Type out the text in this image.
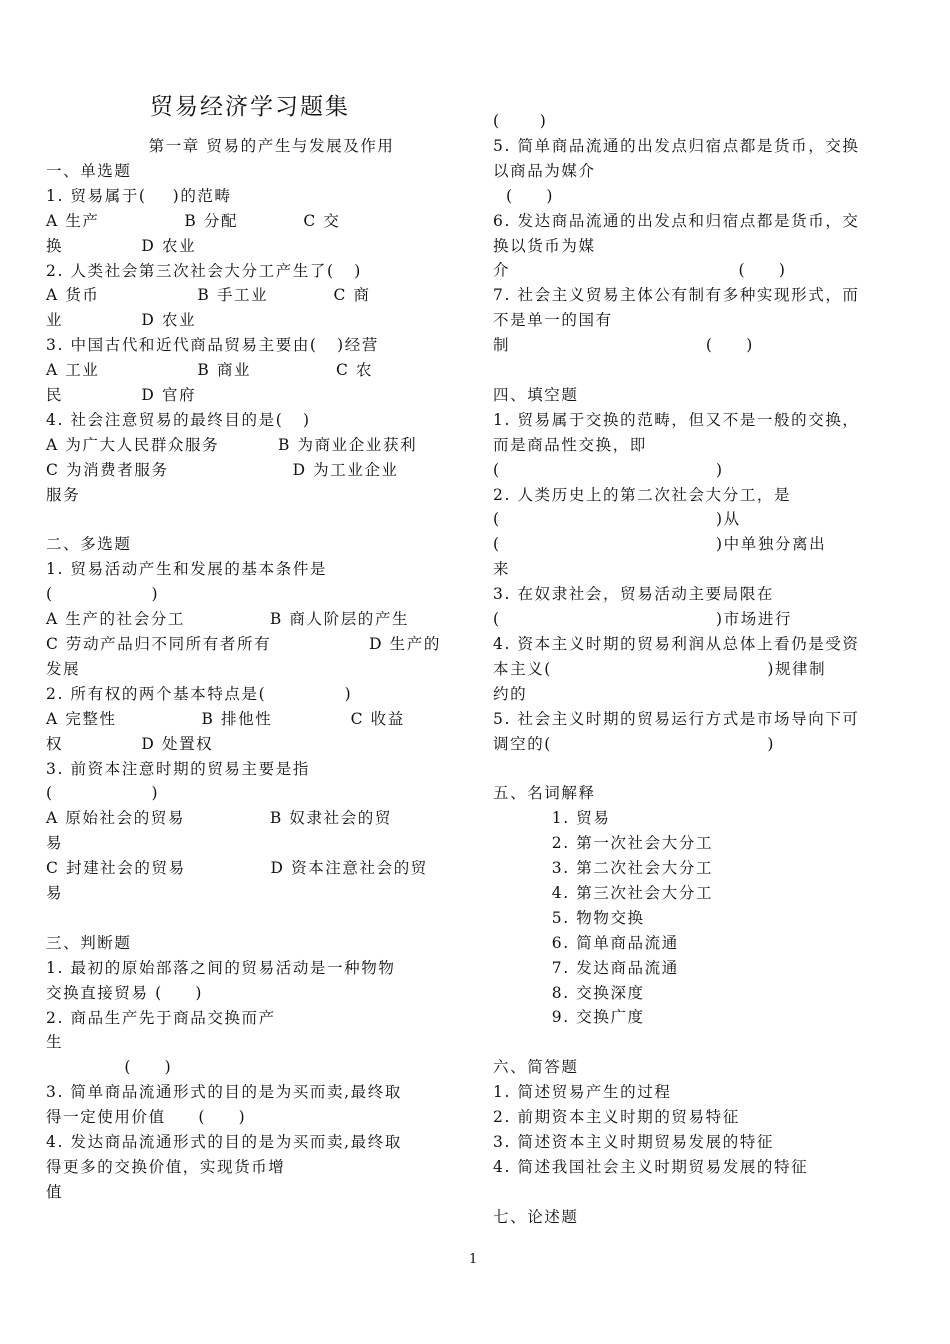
贸易经济学习题集
　　　　　　第一章 贸易的产生与发展及作用
一、单选题
1. 贸易属于(    )的范畴
A 生产             B 分配          C 交
换            D 农业
2. 人类社会第三次社会大分工产生了(   )
A 货币               B 手工业          C 商
业            D 农业
3. 中国古代和近代商品贸易主要由(   )经营
A 工业               B 商业             C 农
民            D 官府
4. 社会注意贸易的最终目的是(   )
A 为广大人民群众服务         B 为商业企业获利
C 为消费者服务                   D 为工业企业
服务
二、多选题
1. 贸易活动产生和发展的基本条件是
(               )
A 生产的社会分工             B 商人阶层的产生
C 劳动产品归不同所有者所有               D 生产的
发展
2. 所有权的两个基本特点是(            )
A 完整性             B 排他性            C 收益
权            D 处置权
3. 前资本注意时期的贸易主要是指
(               )
A 原始社会的贸易             B 奴隶社会的贸
易
C 封建社会的贸易             D 资本注意社会的贸
易
三、判断题
1. 最初的原始部落之间的贸易活动是一种物物
交换直接贸易 (     )
2. 商品生产先于商品交换而产
生
(     )
3. 简单商品流通形式的目的是为买而卖,最终取
得一定使用价值     (     )
4. 发达商品流通形式的目的是为买而卖,最终取
得更多的交换价值，实现货币增
值
(      )
5. 简单商品流通的出发点归宿点都是货币，交换
以商品为媒介
(     )
6. 发达商品流通的出发点和归宿点都是货币，交
换以货币为媒
介                                   (     )
7. 社会主义贸易主体公有制有多种实现形式，而
不是单一的国有
制                              (     )
四、填空题
1. 贸易属于交换的范畴，但又不是一般的交换，
而是商品性交换，即
(                                 )
2. 人类历史上的第二次社会大分工，是
(                                 )从
(                                 )中单独分离出
来
3. 在奴隶社会，贸易活动主要局限在
(                                 )市场进行
4. 资本主义时期的贸易利润从总体上看仍是受资
本主义(                                 )规律制
约的
5. 社会主义时期的贸易运行方式是市场导向下可
调空的(                                 )
五、名词解释
1. 贸易
2. 第一次社会大分工
3. 第二次社会大分工
4. 第三次社会大分工
5. 物物交换
6. 简单商品流通
7. 发达商品流通
8. 交换深度
9. 交换广度
六、简答题
1. 简述贸易产生的过程
2. 前期资本主义时期的贸易特征
3. 简述资本主义时期贸易发展的特征
4. 简述我国社会主义时期贸易发展的特征
七、论述题
1
